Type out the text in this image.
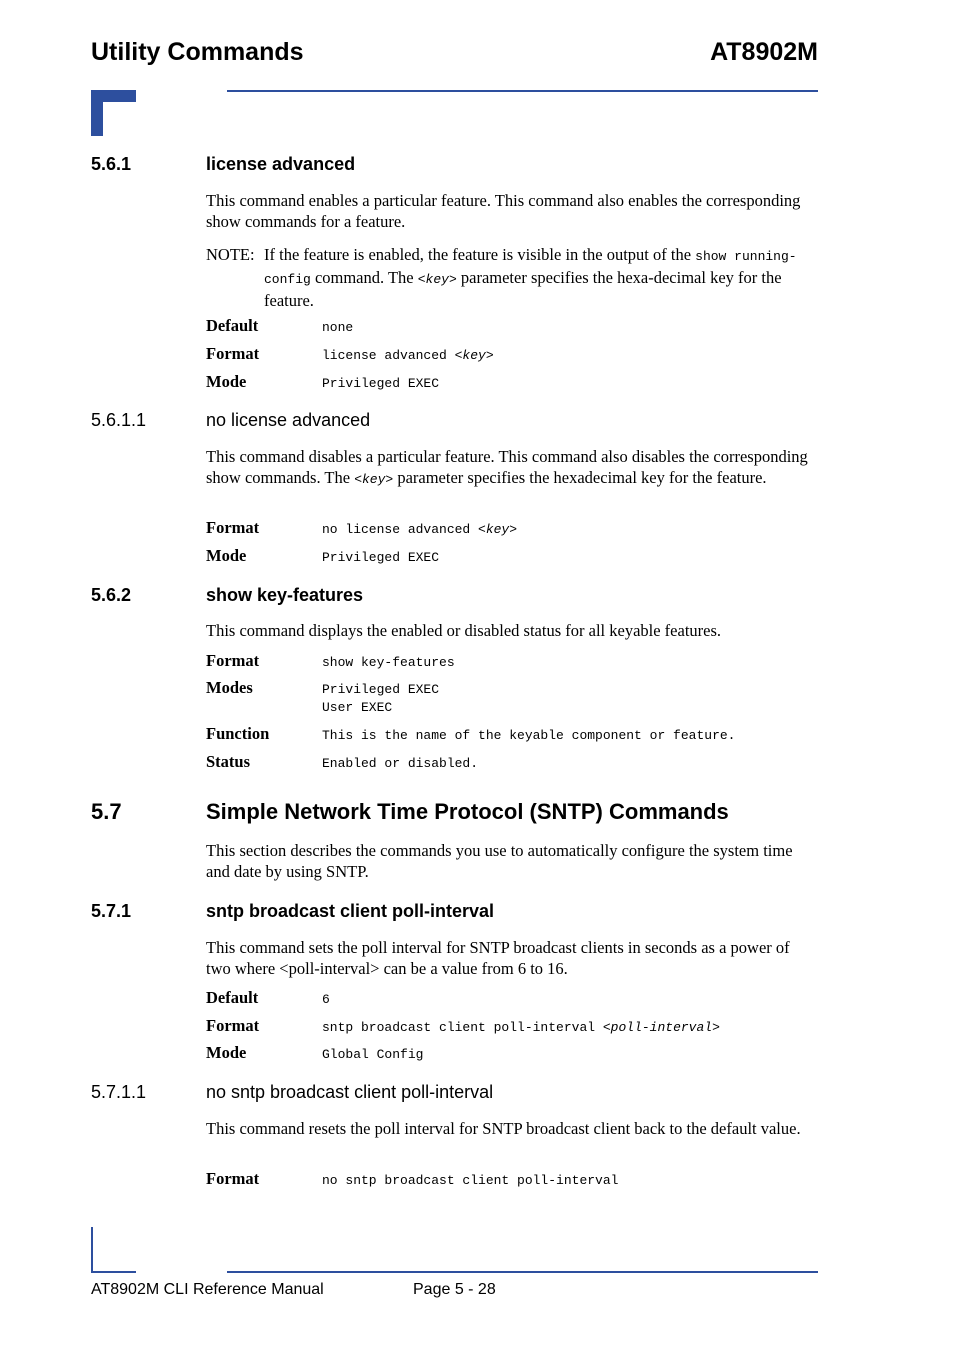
Utility Commands	AT8902M
5.6.1	license advanced
This command enables a particular feature. This command also enables the corresponding show commands for a feature.
NOTE: If the feature is enabled, the feature is visible in the output of the show running-config command. The <key> parameter specifies the hexa-decimal key for the feature.
Default	none
Format	license advanced <key>
Mode	Privileged EXEC
5.6.1.1	no license advanced
This command disables a particular feature. This command also disables the corresponding show commands. The <key> parameter specifies the hexadecimal key for the feature.
Format	no license advanced <key>
Mode	Privileged EXEC
5.6.2	show key-features
This command displays the enabled or disabled status for all keyable features.
Format	show key-features
Modes	Privileged EXEC
User EXEC
Function	This is the name of the keyable component or feature.
Status	Enabled or disabled.
5.7	Simple Network Time Protocol (SNTP) Commands
This section describes the commands you use to automatically configure the system time and date by using SNTP.
5.7.1	sntp broadcast client poll-interval
This command sets the poll interval for SNTP broadcast clients in seconds as a power of two where <poll-interval> can be a value from 6 to 16.
Default	6
Format	sntp broadcast client poll-interval <poll-interval>
Mode	Global Config
5.7.1.1	no sntp broadcast client poll-interval
This command resets the poll interval for SNTP broadcast client back to the default value.
Format	no sntp broadcast client poll-interval
AT8902M CLI Reference Manual	Page 5 - 28
